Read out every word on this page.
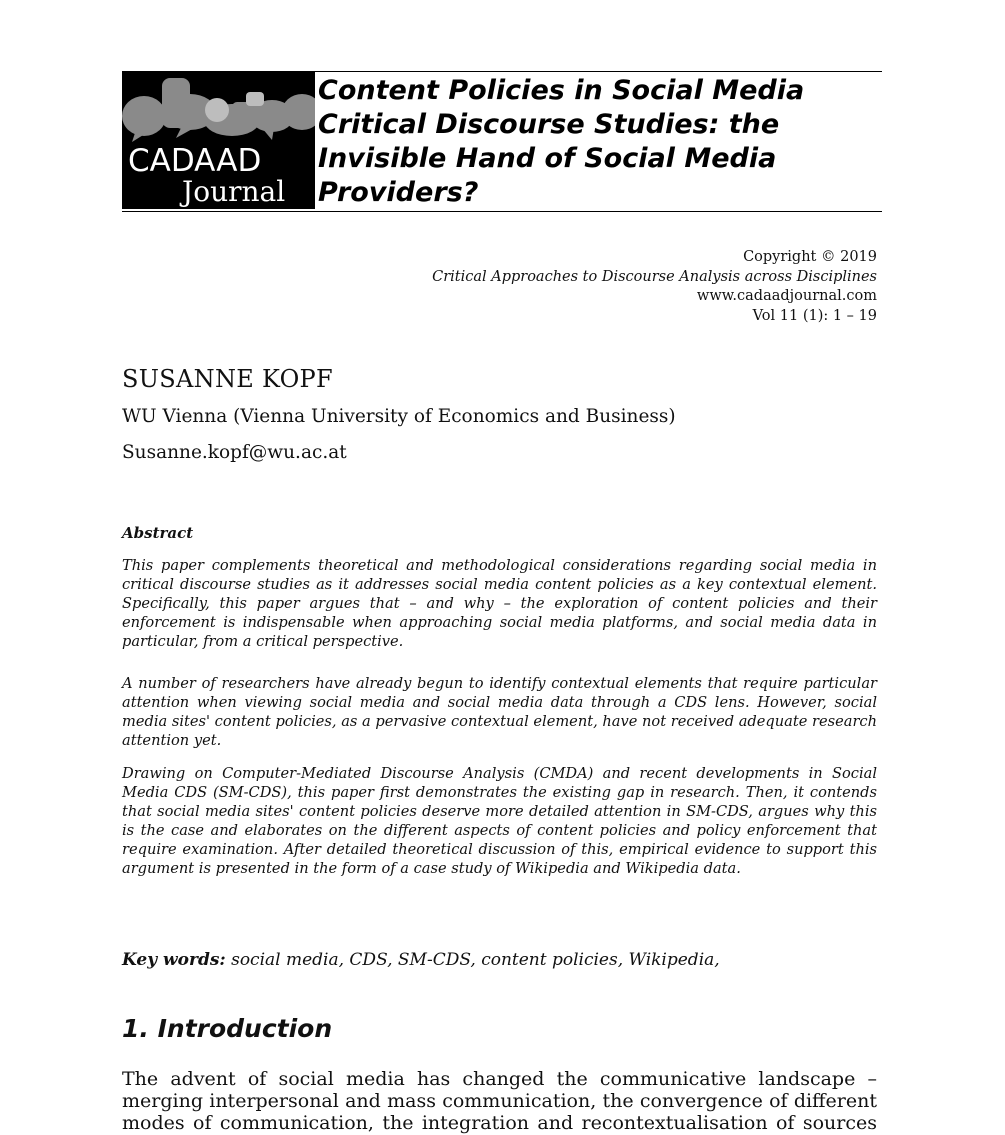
CADAAD
Journal
Content Policies in Social Media Critical Discourse Studies: the Invisible Hand of Social Media Providers?
Copyright © 2019
Critical Approaches to Discourse Analysis across Disciplines
www.cadaadjournal.com
Vol 11 (1): 1 – 19
SUSANNE KOPF
WU Vienna (Vienna University of Economics and Business)
Susanne.kopf@wu.ac.at
Abstract
This paper complements theoretical and methodological considerations regarding social media in critical discourse studies as it addresses social media content policies as a key contextual element. Specifically, this paper argues that – and why – the exploration of content policies and their enforcement is indispensable when approaching social media platforms, and social media data in particular, from a critical perspective.
A number of researchers have already begun to identify contextual elements that require particular attention when viewing social media and social media data through a CDS lens. However, social media sites' content policies, as a pervasive contextual element, have not received adequate research attention yet.
Drawing on Computer-Mediated Discourse Analysis (CMDA) and recent developments in Social Media CDS (SM-CDS), this paper first demonstrates the existing gap in research. Then, it contends that social media sites' content policies deserve more detailed attention in SM-CDS, argues why this is the case and elaborates on the different aspects of content policies and policy enforcement that require examination. After detailed theoretical discussion of this, empirical evidence to support this argument is presented in the form of a case study of Wikipedia and Wikipedia data.
Key words: social media, CDS, SM-CDS, content policies, Wikipedia,
1. Introduction
The advent of social media has changed the communicative landscape – merging interpersonal and mass communication, the convergence of different modes of communication, the integration and recontextualisation of sources
